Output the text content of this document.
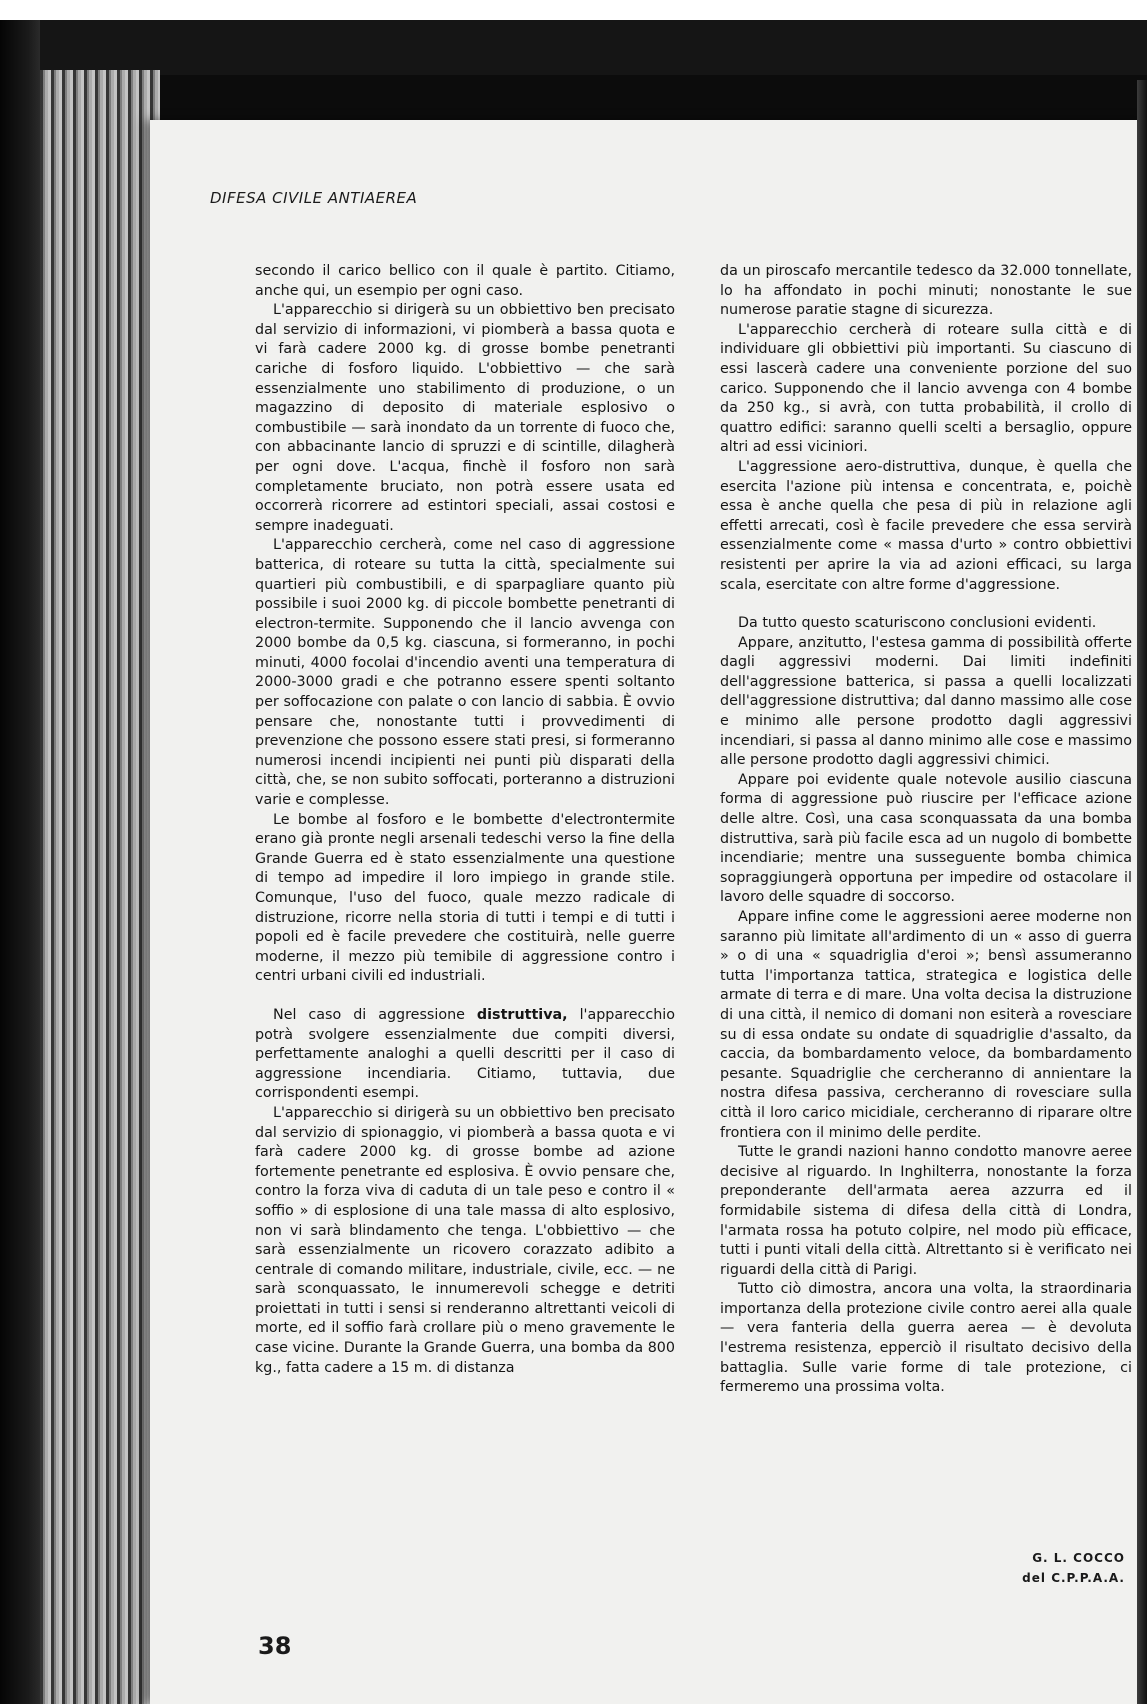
DIFESA CIVILE ANTIAEREA

secondo il carico bellico con il quale è partito. Citiamo, anche qui, un esempio per ogni caso.

L'apparecchio si dirigerà su un obbiettivo ben precisato dal servizio di informazioni, vi piomberà a bassa quota e vi farà cadere 2000 kg. di grosse bombe penetranti cariche di fosforo liquido. L'obbiettivo — che sarà essenzialmente uno stabilimento di produzione, o un magazzino di deposito di materiale esplosivo o combustibile — sarà inondato da un torrente di fuoco che, con abbacinante lancio di spruzzi e di scintille, dilagherà per ogni dove. L'acqua, finchè il fosforo non sarà completamente bruciato, non potrà essere usata ed occorrerà ricorrere ad estintori speciali, assai costosi e sempre inadeguati.

L'apparecchio cercherà, come nel caso di aggressione batterica, di roteare su tutta la città, specialmente sui quartieri più combustibili, e di sparpagliare quanto più possibile i suoi 2000 kg. di piccole bombette penetranti di electron-termite. Supponendo che il lancio avvenga con 2000 bombe da 0,5 kg. ciascuna, si formeranno, in pochi minuti, 4000 focolai d'incendio aventi una temperatura di 2000-3000 gradi e che potranno essere spenti soltanto per soffocazione con palate o con lancio di sabbia. È ovvio pensare che, nonostante tutti i provvedimenti di prevenzione che possono essere stati presi, si formeranno numerosi incendi incipienti nei punti più disparati della città, che, se non subito soffocati, porteranno a distruzioni varie e complesse.

Le bombe al fosforo e le bombette d'electrontermite erano già pronte negli arsenali tedeschi verso la fine della Grande Guerra ed è stato essenzialmente una questione di tempo ad impedire il loro impiego in grande stile. Comunque, l'uso del fuoco, quale mezzo radicale di distruzione, ricorre nella storia di tutti i tempi e di tutti i popoli ed è facile prevedere che costituirà, nelle guerre moderne, il mezzo più temibile di aggressione contro i centri urbani civili ed industriali.

Nel caso di aggressione distruttiva, l'apparecchio potrà svolgere essenzialmente due compiti diversi, perfettamente analoghi a quelli descritti per il caso di aggressione incendiaria. Citiamo, tuttavia, due corrispondenti esempi.

L'apparecchio si dirigerà su un obbiettivo ben precisato dal servizio di spionaggio, vi piomberà a bassa quota e vi farà cadere 2000 kg. di grosse bombe ad azione fortemente penetrante ed esplosiva. È ovvio pensare che, contro la forza viva di caduta di un tale peso e contro il « soffio » di esplosione di una tale massa di alto esplosivo, non vi sarà blindamento che tenga. L'obbiettivo — che sarà essenzialmente un ricovero corazzato adibito a centrale di comando militare, industriale, civile, ecc. — ne sarà sconquassato, le innumerevoli schegge e detriti proiettati in tutti i sensi si renderanno altrettanti veicoli di morte, ed il soffio farà crollare più o meno gravemente le case vicine. Durante la Grande Guerra, una bomba da 800 kg., fatta cadere a 15 m. di distanza

da un piroscafo mercantile tedesco da 32.000 tonnellate, lo ha affondato in pochi minuti; nonostante le sue numerose paratie stagne di sicurezza.

L'apparecchio cercherà di roteare sulla città e di individuare gli obbiettivi più importanti. Su ciascuno di essi lascerà cadere una conveniente porzione del suo carico. Supponendo che il lancio avvenga con 4 bombe da 250 kg., si avrà, con tutta probabilità, il crollo di quattro edifici: saranno quelli scelti a bersaglio, oppure altri ad essi viciniori.

L'aggressione aero-distruttiva, dunque, è quella che esercita l'azione più intensa e concentrata, e, poichè essa è anche quella che pesa di più in relazione agli effetti arrecati, così è facile prevedere che essa servirà essenzialmente come « massa d'urto » contro obbiettivi resistenti per aprire la via ad azioni efficaci, su larga scala, esercitate con altre forme d'aggressione.

Da tutto questo scaturiscono conclusioni evidenti.

Appare, anzitutto, l'estesa gamma di possibilità offerte dagli aggressivi moderni. Dai limiti indefiniti dell'aggressione batterica, si passa a quelli localizzati dell'aggressione distruttiva; dal danno massimo alle cose e minimo alle persone prodotto dagli aggressivi incendiari, si passa al danno minimo alle cose e massimo alle persone prodotto dagli aggressivi chimici.

Appare poi evidente quale notevole ausilio ciascuna forma di aggressione può riuscire per l'efficace azione delle altre. Così, una casa sconquassata da una bomba distruttiva, sarà più facile esca ad un nugolo di bombette incendiarie; mentre una susseguente bomba chimica sopraggiungerà opportuna per impedire od ostacolare il lavoro delle squadre di soccorso.

Appare infine come le aggressioni aeree moderne non saranno più limitate all'ardimento di un « asso di guerra » o di una « squadriglia d'eroi »; bensì assumeranno tutta l'importanza tattica, strategica e logistica delle armate di terra e di mare. Una volta decisa la distruzione di una città, il nemico di domani non esiterà a rovesciare su di essa ondate su ondate di squadriglie d'assalto, da caccia, da bombardamento veloce, da bombardamento pesante. Squadriglie che cercheranno di annientare la nostra difesa passiva, cercheranno di rovesciare sulla città il loro carico micidiale, cercheranno di riparare oltre frontiera con il minimo delle perdite.

Tutte le grandi nazioni hanno condotto manovre aeree decisive al riguardo. In Inghilterra, nonostante la forza preponderante dell'armata aerea azzurra ed il formidabile sistema di difesa della città di Londra, l'armata rossa ha potuto colpire, nel modo più efficace, tutti i punti vitali della città. Altrettanto si è verificato nei riguardi della città di Parigi.

Tutto ciò dimostra, ancora una volta, la straordinaria importanza della protezione civile contro aerei alla quale — vera fanteria della guerra aerea — è devoluta l'estrema resistenza, epperciò il risultato decisivo della battaglia. Sulle varie forme di tale protezione, ci fermeremo una prossima volta.

G. L. COCCO
del C.P.P.A.A.
38
